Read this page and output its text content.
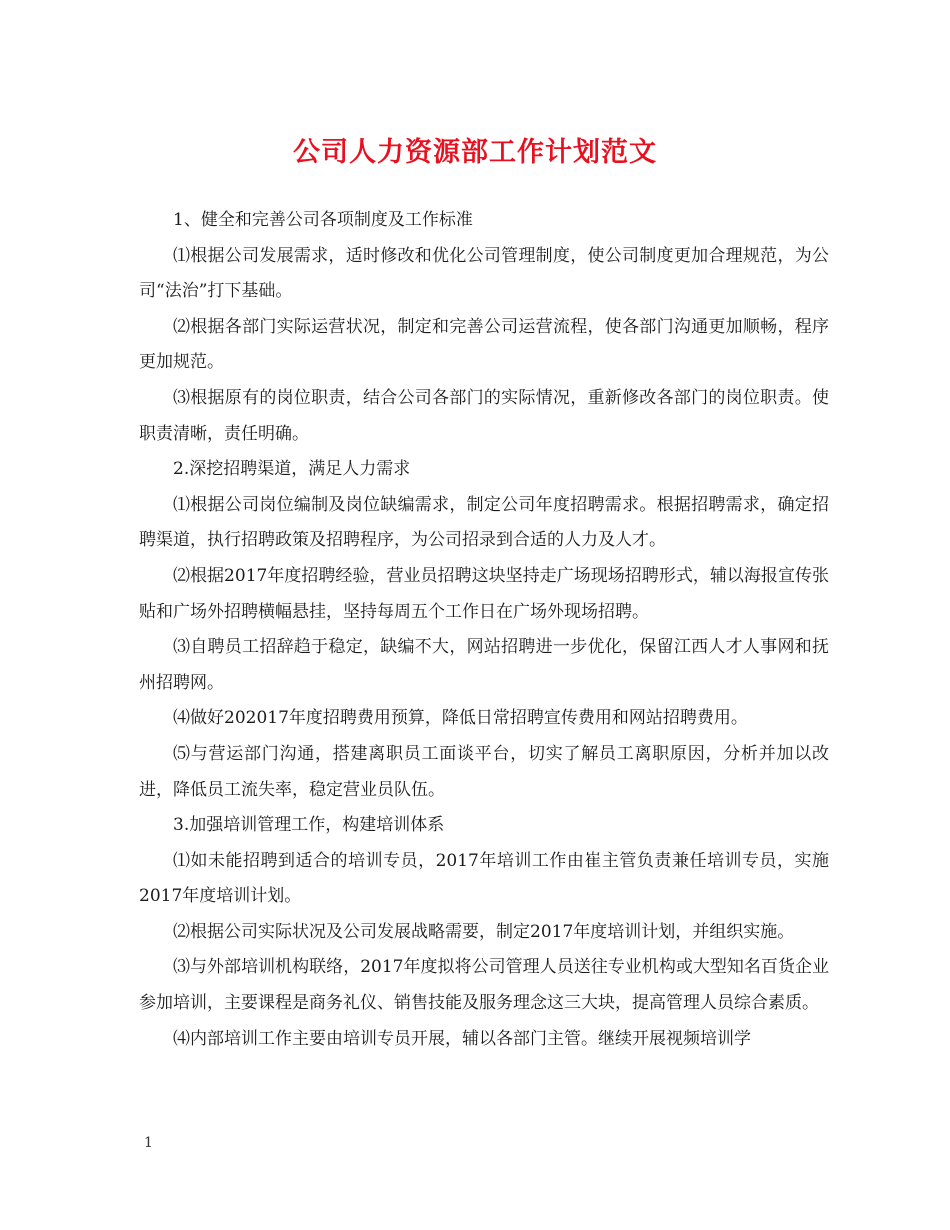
公司人力资源部工作计划范文

1、健全和完善公司各项制度及工作标准

⑴根据公司发展需求，适时修改和优化公司管理制度，使公司制度更加合理规范，为公司“法治”打下基础。

⑵根据各部门实际运营状况，制定和完善公司运营流程，使各部门沟通更加顺畅，程序更加规范。

⑶根据原有的岗位职责，结合公司各部门的实际情况，重新修改各部门的岗位职责。使职责清晰，责任明确。

2.深挖招聘渠道，满足人力需求

⑴根据公司岗位编制及岗位缺编需求，制定公司年度招聘需求。根据招聘需求，确定招聘渠道，执行招聘政策及招聘程序，为公司招录到合适的人力及人才。

⑵根据2017年度招聘经验，营业员招聘这块坚持走广场现场招聘形式，辅以海报宣传张贴和广场外招聘横幅悬挂，坚持每周五个工作日在广场外现场招聘。

⑶自聘员工招辞趋于稳定，缺编不大，网站招聘进一步优化，保留江西人才人事网和抚州招聘网。

⑷做好202017年度招聘费用预算，降低日常招聘宣传费用和网站招聘费用。

⑸与营运部门沟通，搭建离职员工面谈平台，切实了解员工离职原因，分析并加以改进，降低员工流失率，稳定营业员队伍。

3.加强培训管理工作，构建培训体系

⑴如未能招聘到适合的培训专员，2017年培训工作由崔主管负责兼任培训专员，实施2017年度培训计划。

⑵根据公司实际状况及公司发展战略需要，制定2017年度培训计划，并组织实施。

⑶与外部培训机构联络，2017年度拟将公司管理人员送往专业机构或大型知名百货企业参加培训，主要课程是商务礼仪、销售技能及服务理念这三大块，提高管理人员综合素质。

⑷内部培训工作主要由培训专员开展，辅以各部门主管。继续开展视频培训学

1
